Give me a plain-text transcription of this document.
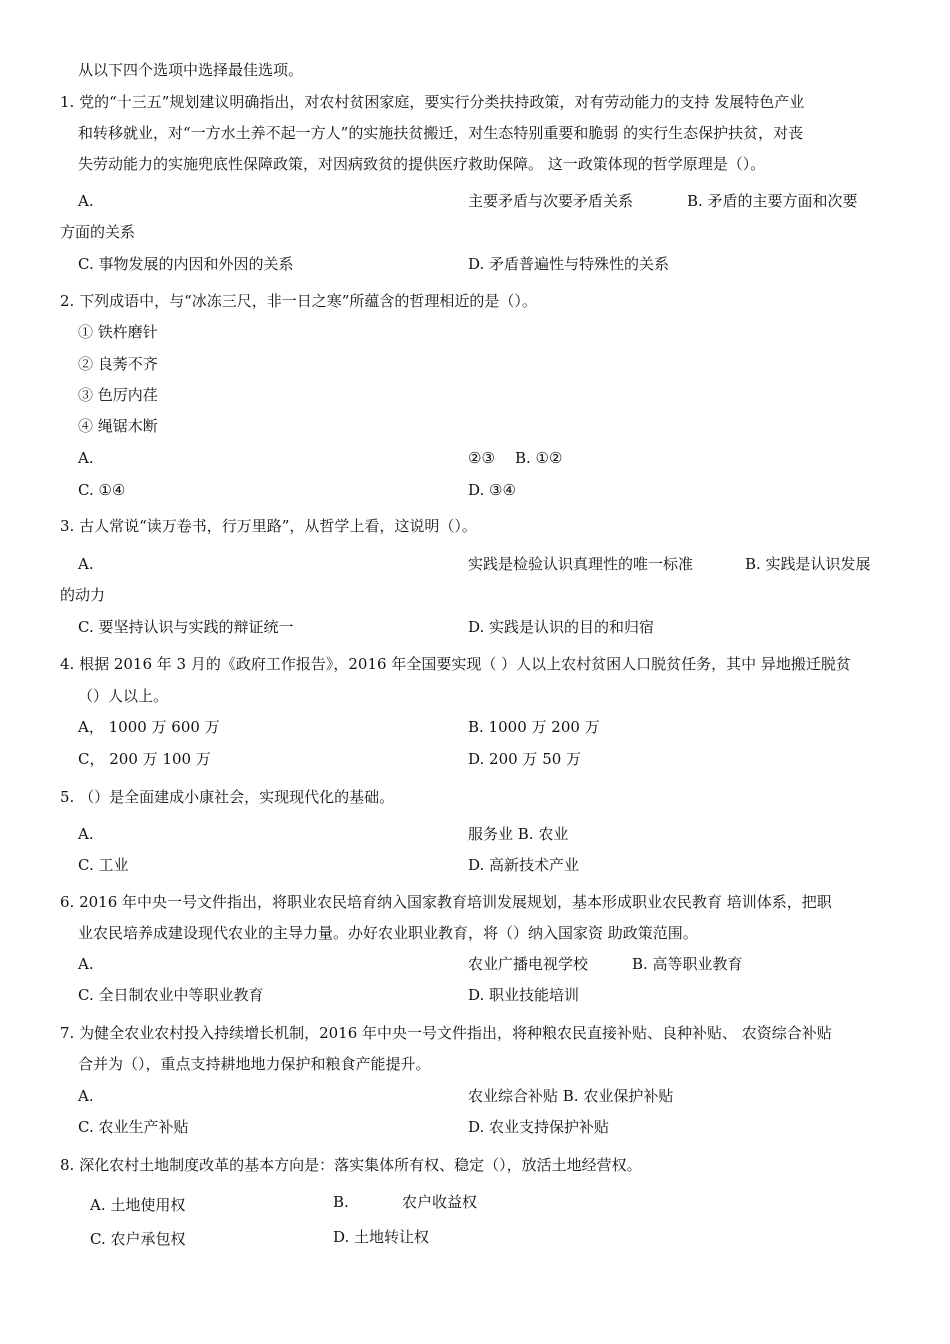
从以下四个选项中选择最佳选项。
1. 党的“十三五”规划建议明确指出，对农村贫困家庭，要实行分类扶持政策，对有劳动能力的支持 发展特色产业
和转移就业，对“一方水土养不起一方人”的实施扶贫搬迁，对生态特别重要和脆弱 的实行生态保护扶贫，对丧
失劳动能力的实施兜底性保障政策，对因病致贫的提供医疗救助保障。 这一政策体现的哲学原理是（）。
A.	主要矛盾与次要矛盾关系	B. 矛盾的主要方面和次要
方面的关系
C. 事物发展的内因和外因的关系	D. 矛盾普遍性与特殊性的关系
2. 下列成语中，与“冰冻三尺，非一日之寒”所蕴含的哲理相近的是（）。
① 铁杵磨针
② 良莠不齐
③ 色厉内荏
④ 绳锯木断
A.	②③ B. ①②
C. ①④	D. ③④
3. 古人常说“读万卷书，行万里路”，从哲学上看，这说明（）。
A.	实践是检验认识真理性的唯一标准	B. 实践是认识发展
的动力
C. 要坚持认识与实践的辩证统一	D. 实践是认识的目的和归宿
4. 根据 2016 年 3 月的《政府工作报告》，2016 年全国要实现（ ）人以上农村贫困人口脱贫任务，其中 异地搬迁脱贫
（）人以上。
A， 1000 万 600 万	B. 1000 万 200 万
C， 200 万 100 万	D. 200 万 50 万
5. （）是全面建成小康社会，实现现代化的基础。
A.	服务业 B. 农业
C. 工业	D. 高新技术产业
6. 2016 年中央一号文件指出，将职业农民培育纳入国家教育培训发展规划，基本形成职业农民教育 培训体系，把职
业农民培养成建设现代农业的主导力量。办好农业职业教育，将（）纳入国家资 助政策范围。
A.	农业广播电视学校	B. 高等职业教育
C. 全日制农业中等职业教育	D. 职业技能培训
7. 为健全农业农村投入持续增长机制，2016 年中央一号文件指出，将种粮农民直接补贴、良种补贴、 农资综合补贴
合并为（），重点支持耕地地力保护和粮食产能提升。
A.	农业综合补贴 B. 农业保护补贴
C. 农业生产补贴	D. 农业支持保护补贴
8. 深化农村土地制度改革的基本方向是：落实集体所有权、稳定（），放活土地经营权。
A. 土地使用权	B.	农户收益权
C. 农户承包权	D. 土地转让权
